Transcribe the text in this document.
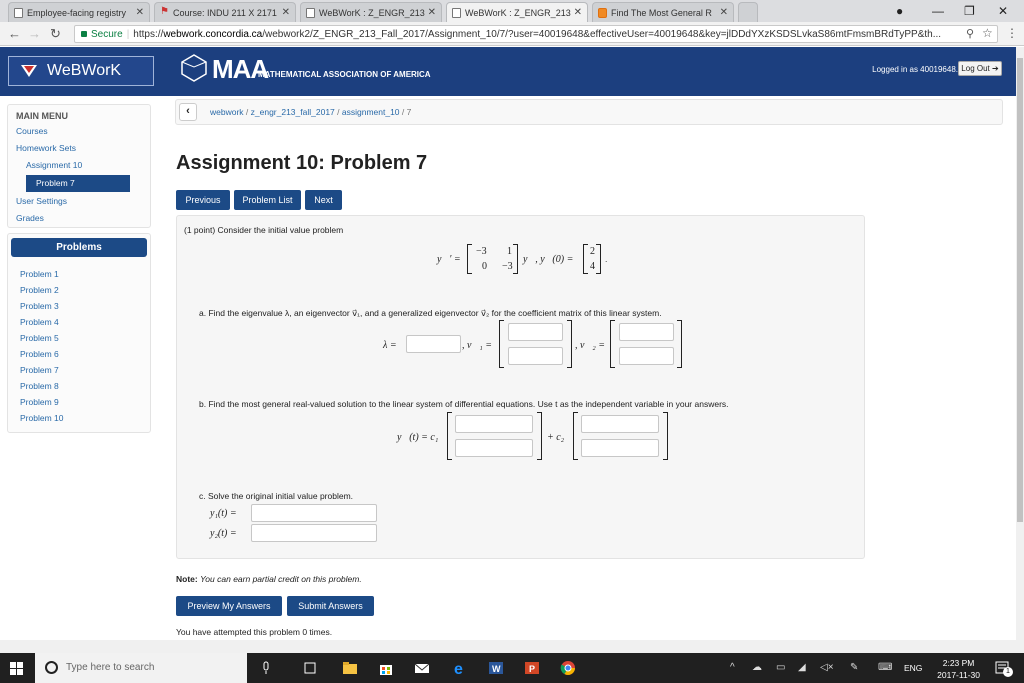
Employee-facing registry ✕ ⚑ Course: INDU 211 X 2171 ✕	WeBWorK : Z_ENGR_213 ✕	WeBWorK : Z_ENGR_213 ✕	Find The Most General R ✕	● — ❐ ✕
← → ↻	Secure | https://webwork.concordia.ca/webwork2/Z_ENGR_213_Fall_2017/Assignment_10/7/?user=40019648&effectiveUser=40019648&key=jlDDdYXzKSDSLvkaS86mtFmsmBRdTyPP&th...	⚲ ☆ ⋮
WeBWorK	MAA
MATHEMATICAL ASSOCIATION OF AMERICA
Logged in as 40019648. Log Out ➔
MAIN MENU
Courses
Homework Sets
Assignment 10
Problem 7
User Settings
Grades
Problems
Problem 1
Problem 2
Problem 3
Problem 4
Problem 5
Problem 6
Problem 7
Problem 8
Problem 9
Problem 10
‹	webwork / z_engr_213_fall_2017 / assignment_10 / 7
Assignment 10: Problem 7
Previous	Problem List	Next
(1 point) Consider the initial value problem
y⃗′ =
−3 1
0 −3
y⃗, y⃗(0) =
2
4
.
a. Find the eigenvalue λ, an eigenvector v⃗₁, and a generalized eigenvector v⃗₂ for the coefficient matrix of this linear system.
λ =	, v⃗₁ =	, v⃗₂ =
b. Find the most general real-valued solution to the linear system of differential equations. Use t as the independent variable in your answers.
y⃗(t) = c₁	+ c₂
c. Solve the original initial value problem.
y₁(t) =
y₂(t) =
Note: You can earn partial credit on this problem.
Preview My Answers	Submit Answers
You have attempted this problem 0 times.
Type here to search	e	W	P	^ ☁ ▭ ◢ ◁× ✎ ⌨ ENG	2:23 PM
2017-11-30	1
